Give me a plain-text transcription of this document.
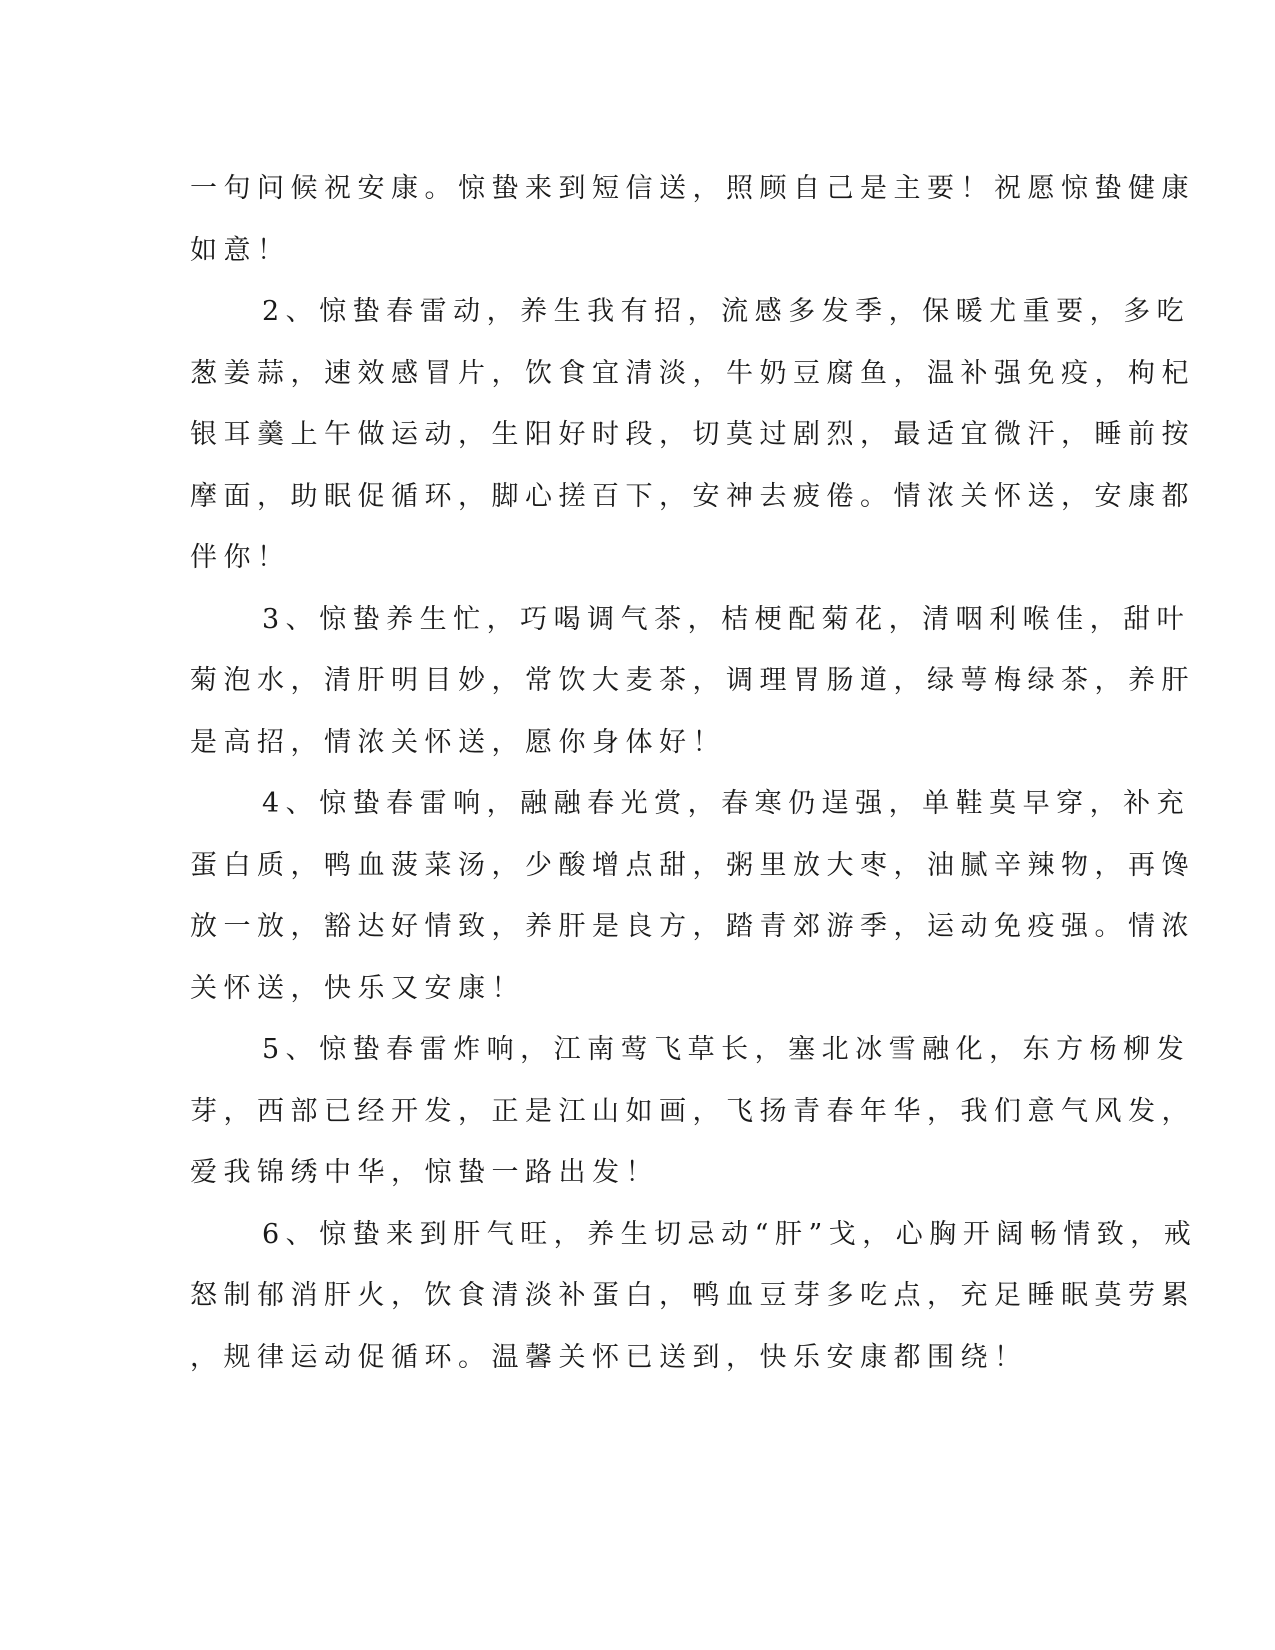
一句问候祝安康。惊蛰来到短信送，照顾自己是主要！祝愿惊蛰健康
如意！
2、惊蛰春雷动，养生我有招，流感多发季，保暖尤重要，多吃
葱姜蒜，速效感冒片，饮食宜清淡，牛奶豆腐鱼，温补强免疫，枸杞
银耳羹上午做运动，生阳好时段，切莫过剧烈，最适宜微汗，睡前按
摩面，助眠促循环，脚心搓百下，安神去疲倦。情浓关怀送，安康都
伴你！
3、惊蛰养生忙，巧喝调气茶，桔梗配菊花，清咽利喉佳，甜叶
菊泡水，清肝明目妙，常饮大麦茶，调理胃肠道，绿萼梅绿茶，养肝
是高招，情浓关怀送，愿你身体好！
4、惊蛰春雷响，融融春光赏，春寒仍逞强，单鞋莫早穿，补充
蛋白质，鸭血菠菜汤，少酸增点甜，粥里放大枣，油腻辛辣物，再馋
放一放，豁达好情致，养肝是良方，踏青郊游季，运动免疫强。情浓
关怀送，快乐又安康！
5、惊蛰春雷炸响，江南莺飞草长，塞北冰雪融化，东方杨柳发
芽，西部已经开发，正是江山如画，飞扬青春年华，我们意气风发，
爱我锦绣中华，惊蛰一路出发！
6、惊蛰来到肝气旺，养生切忌动“肝”戈，心胸开阔畅情致，戒
怒制郁消肝火，饮食清淡补蛋白，鸭血豆芽多吃点，充足睡眠莫劳累
，规律运动促循环。温馨关怀已送到，快乐安康都围绕！
